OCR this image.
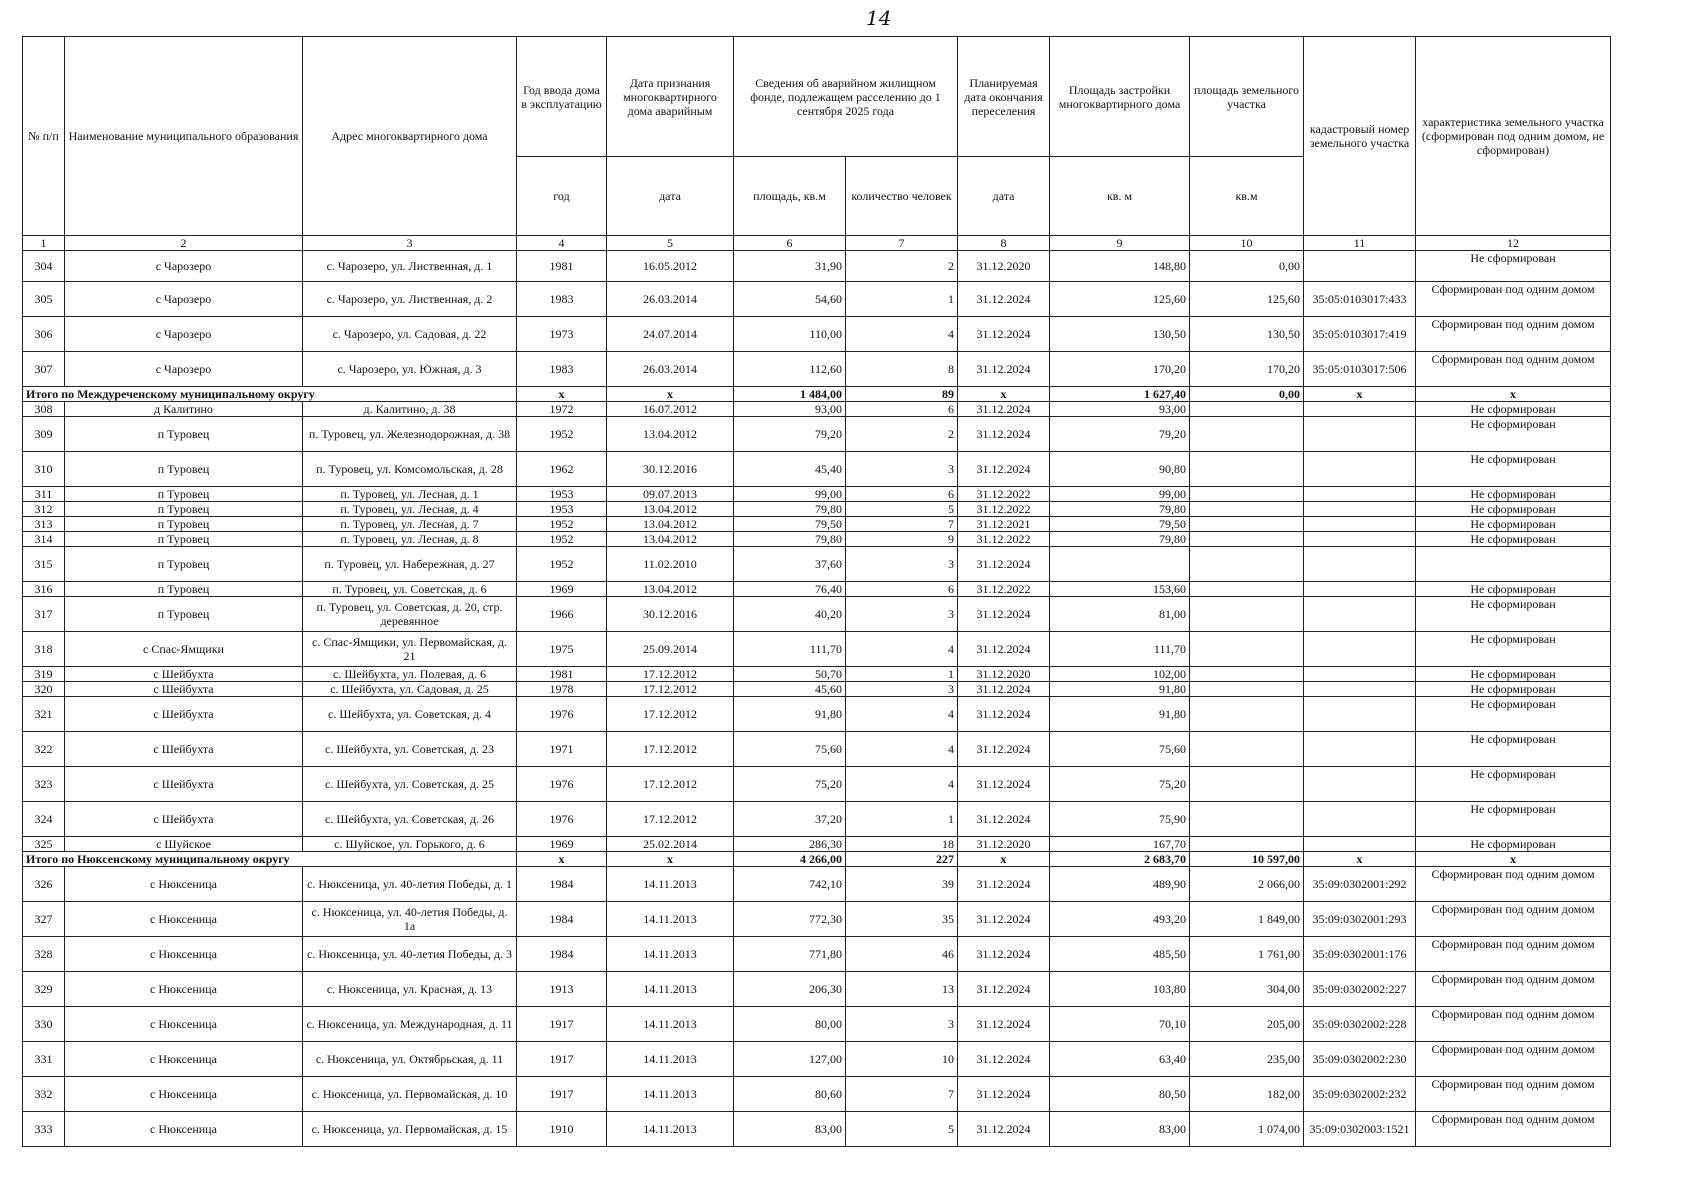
14
№ п/п	Наименование муниципального образования	Адрес многоквартирного дома	Год ввода дома в эксплуатацию	Дата признания многоквартирного дома аварийным	Сведения об аварийном жилищном фонде, подлежащем расселению до 1 сентября 2025 года		Планируемая дата окончания переселения	Площадь застройки многоквартирного дома	площадь земельного участка	кадастровый номер земельного участка	характеристика земельного участка (сформирован под одним домом, не сформирован)
			год	дата	площадь, кв.м	количество человек	дата	кв. м	кв.м		
1	2	3	4	5	6	7	8	9	10	11	12
304	с Чарозеро	с. Чарозеро, ул. Лиственная, д. 1	1981	16.05.2012	31,90	2	31.12.2020	148,80	0,00		Не сформирован
305	с Чарозеро	с. Чарозеро, ул. Лиственная, д. 2	1983	26.03.2014	54,60	1	31.12.2024	125,60	125,60	35:05:0103017:433	Сформирован под одним домом
306	с Чарозеро	с. Чарозеро, ул. Садовая, д. 22	1973	24.07.2014	110,00	4	31.12.2024	130,50	130,50	35:05:0103017:419	Сформирован под одним домом
307	с Чарозеро	с. Чарозеро, ул. Южная, д. 3	1983	26.03.2014	112,60	8	31.12.2024	170,20	170,20	35:05:0103017:506	Сформирован под одним домом
Итого по Междуреченскому муниципальному округу			х	х	1 484,00	89	х	1 627,40	0,00	х	х
308	д Калитино	д. Калитино, д. 38	1972	16.07.2012	93,00	6	31.12.2024	93,00			Не сформирован
309	п Туровец	п. Туровец, ул. Железнодорожная, д. 38	1952	13.04.2012	79,20	2	31.12.2024	79,20			Не сформирован
310	п Туровец	п. Туровец, ул. Комсомольская, д. 28	1962	30.12.2016	45,40	3	31.12.2024	90,80			Не сформирован
311	п Туровец	п. Туровец, ул. Лесная, д. 1	1953	09.07.2013	99,00	6	31.12.2022	99,00			Не сформирован
312	п Туровец	п. Туровец, ул. Лесная, д. 4	1953	13.04.2012	79,80	5	31.12.2022	79,80			Не сформирован
313	п Туровец	п. Туровец, ул. Лесная, д. 7	1952	13.04.2012	79,50	7	31.12.2021	79,50			Не сформирован
314	п Туровец	п. Туровец, ул. Лесная, д. 8	1952	13.04.2012	79,80	9	31.12.2022	79,80			Не сформирован
315	п Туровец	п. Туровец, ул. Набережная, д. 27	1952	11.02.2010	37,60	3	31.12.2024				
316	п Туровец	п. Туровец, ул. Советская, д. 6	1969	13.04.2012	76,40	6	31.12.2022	153,60			Не сформирован
317	п Туровец	п. Туровец, ул. Советская, д. 20, стр. деревянное	1966	30.12.2016	40,20	3	31.12.2024	81,00			Не сформирован
318	с Спас-Ямщики	с. Спас-Ямщики, ул. Первомайская, д. 21	1975	25.09.2014	111,70	4	31.12.2024	111,70			Не сформирован
319	с Шейбухта	с. Шейбухта, ул. Полевая, д. 6	1981	17.12.2012	50,70	1	31.12.2020	102,00			Не сформирован
320	с Шейбухта	с. Шейбухта, ул. Садовая, д. 25	1978	17.12.2012	45,60	3	31.12.2024	91,80			Не сформирован
321	с Шейбухта	с. Шейбухта, ул. Советская, д. 4	1976	17.12.2012	91,80	4	31.12.2024	91,80			Не сформирован
322	с Шейбухта	с. Шейбухта, ул. Советская, д. 23	1971	17.12.2012	75,60	4	31.12.2024	75,60			Не сформирован
323	с Шейбухта	с. Шейбухта, ул. Советская, д. 25	1976	17.12.2012	75,20	4	31.12.2024	75,20			Не сформирован
324	с Шейбухта	с. Шейбухта, ул. Советская, д. 26	1976	17.12.2012	37,20	1	31.12.2024	75,90			Не сформирован
325	с Шуйское	с. Шуйское, ул. Горького, д. 6	1969	25.02.2014	286,30	18	31.12.2020	167,70			Не сформирован
Итого по Нюксенскому муниципальному округу			х	х	4 266,00	227	х	2 683,70	10 597,00	х	х
326	с Нюксеница	с. Нюксеница, ул. 40-летия Победы, д. 1	1984	14.11.2013	742,10	39	31.12.2024	489,90	2 066,00	35:09:0302001:292	Сформирован под одним домом
327	с Нюксеница	с. Нюксеница, ул. 40-летия Победы, д. 1а	1984	14.11.2013	772,30	35	31.12.2024	493,20	1 849,00	35:09:0302001:293	Сформирован под одним домом
328	с Нюксеница	с. Нюксеница, ул. 40-летия Победы, д. 3	1984	14.11.2013	771,80	46	31.12.2024	485,50	1 761,00	35:09:0302001:176	Сформирован под одним домом
329	с Нюксеница	с. Нюксеница, ул. Красная, д. 13	1913	14.11.2013	206,30	13	31.12.2024	103,80	304,00	35:09:0302002:227	Сформирован под одним домом
330	с Нюксеница	с. Нюксеница, ул. Международная, д. 11	1917	14.11.2013	80,00	3	31.12.2024	70,10	205,00	35:09:0302002:228	Сформирован под одним домом
331	с Нюксеница	с. Нюксеница, ул. Октябрьская, д. 11	1917	14.11.2013	127,00	10	31.12.2024	63,40	235,00	35:09:0302002:230	Сформирован под одним домом
332	с Нюксеница	с. Нюксеница, ул. Первомайская, д. 10	1917	14.11.2013	80,60	7	31.12.2024	80,50	182,00	35:09:0302002:232	Сформирован под одним домом
333	с Нюксеница	с. Нюксеница, ул. Первомайская, д. 15	1910	14.11.2013	83,00	5	31.12.2024	83,00	1 074,00	35:09:0302003:1521	Сформирован под одним домом
